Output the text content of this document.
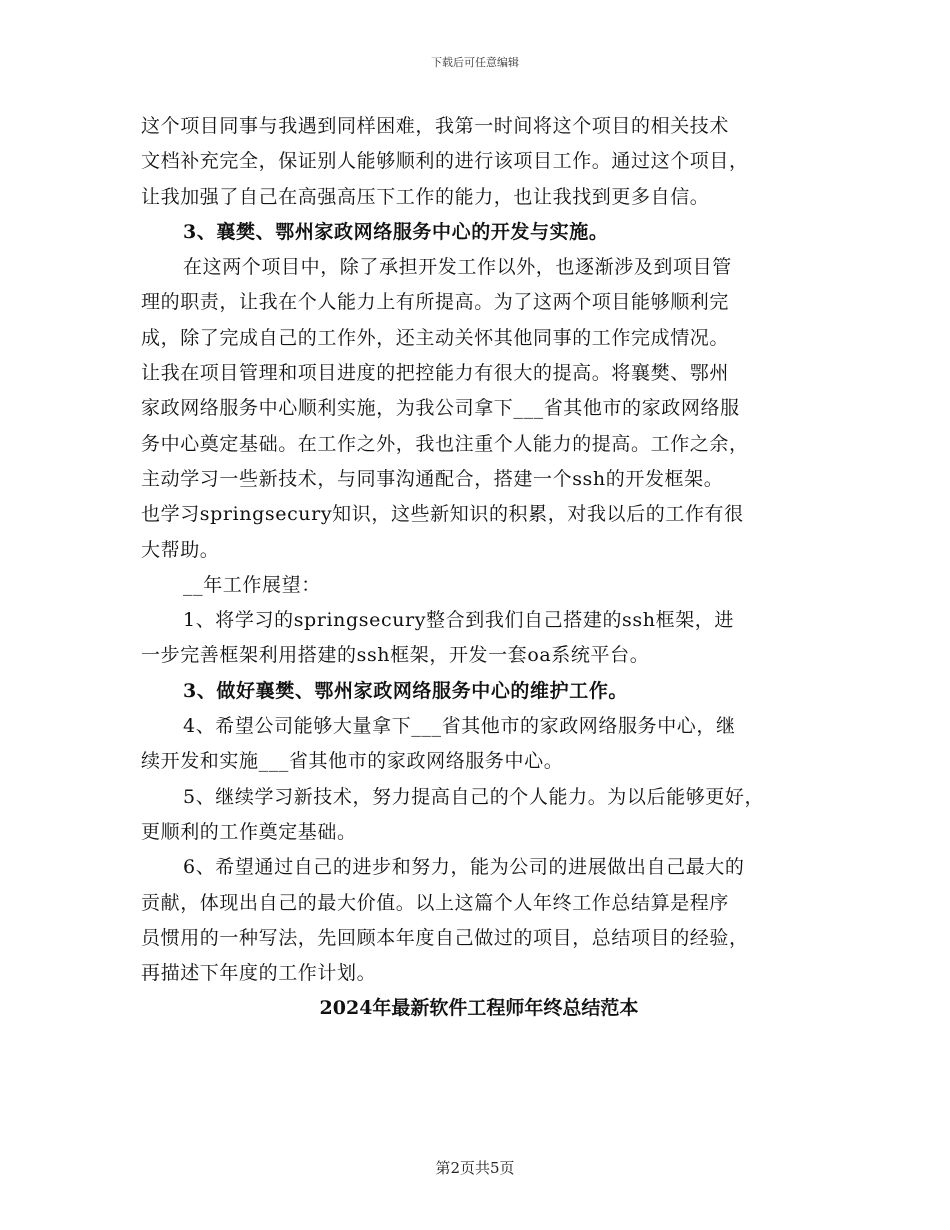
下载后可任意编辑
这个项目同事与我遇到同样困难，我第一时间将这个项目的相关技术
文档补充完全，保证别人能够顺利的进行该项目工作。通过这个项目，
让我加强了自己在高强高压下工作的能力，也让我找到更多自信。
3、襄樊、鄂州家政网络服务中心的开发与实施。
在这两个项目中，除了承担开发工作以外，也逐渐涉及到项目管
理的职责，让我在个人能力上有所提高。为了这两个项目能够顺利完
成，除了完成自己的工作外，还主动关怀其他同事的工作完成情况。
让我在项目管理和项目进度的把控能力有很大的提高。将襄樊、鄂州
家政网络服务中心顺利实施，为我公司拿下___省其他市的家政网络服
务中心奠定基础。在工作之外，我也注重个人能力的提高。工作之余，
主动学习一些新技术，与同事沟通配合，搭建一个ssh的开发框架。
也学习springsecury知识，这些新知识的积累，对我以后的工作有很
大帮助。
__年工作展望：
1、将学习的springsecury整合到我们自己搭建的ssh框架，进
一步完善框架利用搭建的ssh框架，开发一套oa系统平台。
3、做好襄樊、鄂州家政网络服务中心的维护工作。
4、希望公司能够大量拿下___省其他市的家政网络服务中心，继
续开发和实施___省其他市的家政网络服务中心。
5、继续学习新技术，努力提高自己的个人能力。为以后能够更好，
更顺利的工作奠定基础。
6、希望通过自己的进步和努力，能为公司的进展做出自己最大的
贡献，体现出自己的最大价值。以上这篇个人年终工作总结算是程序
员惯用的一种写法，先回顾本年度自己做过的项目，总结项目的经验，
再描述下年度的工作计划。
2024年最新软件工程师年终总结范本
第2页共5页
